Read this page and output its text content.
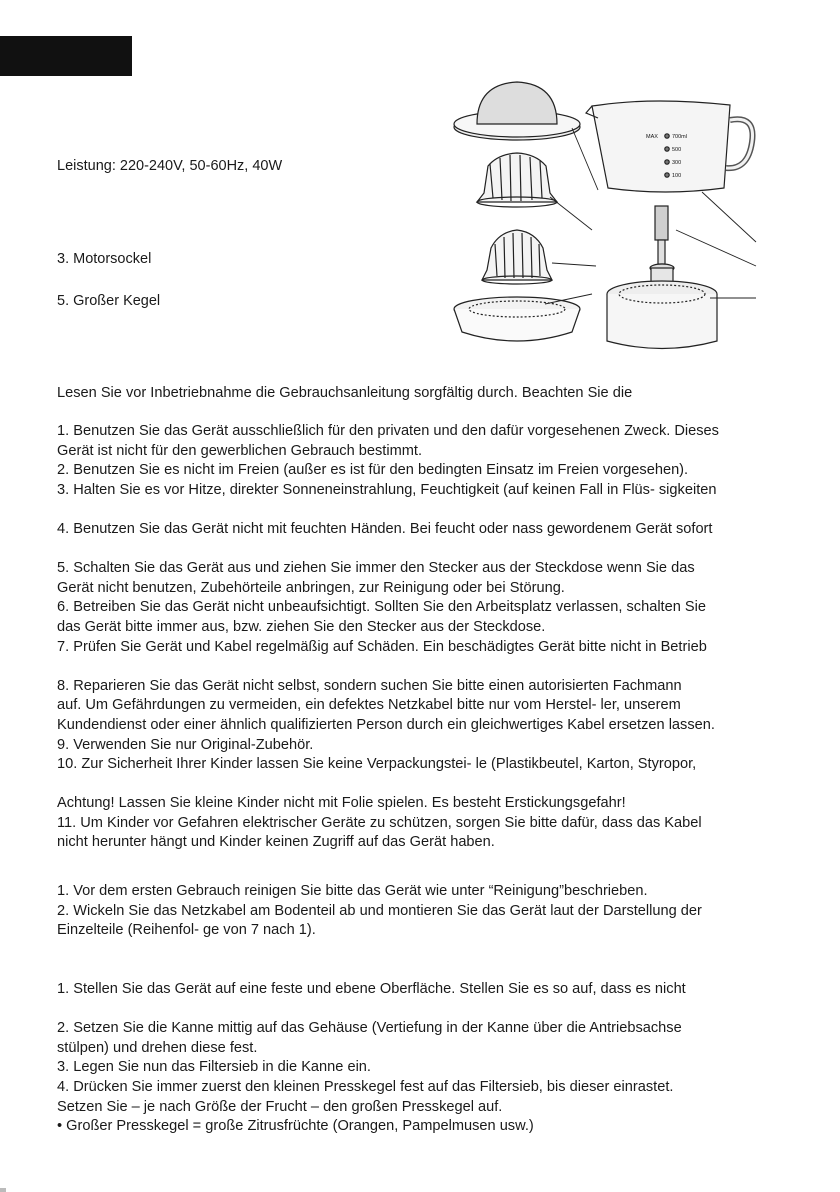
Leistung: 220-240V, 50-60Hz, 40W
3. Motorsockel
5. Großer Kegel
MAX	700ml
500
300
100

Lesen Sie vor Inbetriebnahme die Gebrauchsanleitung sorgfältig durch. Beachten Sie die

1. Benutzen Sie das Gerät ausschließlich für den privaten und den dafür vorgesehenen Zweck. Dieses

Gerät ist nicht für den gewerblichen Gebrauch bestimmt.

2. Benutzen Sie es nicht im Freien (außer es ist für den bedingten Einsatz im Freien vorgesehen).

3. Halten Sie es vor Hitze, direkter Sonneneinstrahlung, Feuchtigkeit (auf keinen Fall in Flüs- sigkeiten

4. Benutzen Sie das Gerät nicht mit feuchten Händen. Bei feucht oder nass gewordenem Gerät sofort

5. Schalten Sie das Gerät aus und ziehen Sie immer den Stecker aus der Steckdose wenn Sie das

Gerät nicht benutzen, Zubehörteile anbringen, zur Reinigung oder bei Störung.

6. Betreiben Sie das Gerät nicht unbeaufsichtigt. Sollten Sie den Arbeitsplatz verlassen, schalten Sie

das Gerät bitte immer aus, bzw. ziehen Sie den Stecker aus der Steckdose.

7. Prüfen Sie Gerät und Kabel regelmäßig auf Schäden. Ein beschädigtes Gerät bitte nicht in Betrieb

8. Reparieren Sie das Gerät nicht selbst, sondern suchen Sie bitte einen autorisierten Fachmann

auf. Um Gefährdungen zu vermeiden, ein defektes Netzkabel bitte nur vom Herstel- ler, unserem

Kundendienst oder einer ähnlich qualifizierten Person durch ein gleichwertiges Kabel ersetzen lassen.

9. Verwenden Sie nur Original-Zubehör.

10. Zur Sicherheit Ihrer Kinder lassen Sie keine Verpackungstei- le (Plastikbeutel, Karton, Styropor,

Achtung! Lassen Sie kleine Kinder nicht mit Folie spielen. Es besteht Erstickungsgefahr!

11. Um Kinder vor Gefahren elektrischer Geräte zu schützen, sorgen Sie bitte dafür, dass das Kabel

nicht herunter hängt und Kinder keinen Zugriff auf das Gerät haben.

1. Vor dem ersten Gebrauch reinigen Sie bitte das Gerät wie unter “Reinigung”beschrieben.

2. Wickeln Sie das Netzkabel am Bodenteil ab und montieren Sie das Gerät laut der Darstellung der

Einzelteile (Reihenfol- ge von 7 nach 1).

1. Stellen Sie das Gerät auf eine feste und ebene Oberfläche. Stellen Sie es so auf, dass es nicht

2. Setzen Sie die Kanne mittig auf das Gehäuse (Vertiefung in der Kanne über die Antriebsachse

stülpen) und drehen diese fest.

3. Legen Sie nun das Filtersieb in die Kanne ein.

4. Drücken Sie immer zuerst den kleinen Presskegel fest auf das Filtersieb, bis dieser einrastet.

Setzen Sie – je nach Größe der Frucht – den großen Presskegel auf.

• Großer Presskegel = große Zitrusfrüchte (Orangen, Pampelmusen usw.)
